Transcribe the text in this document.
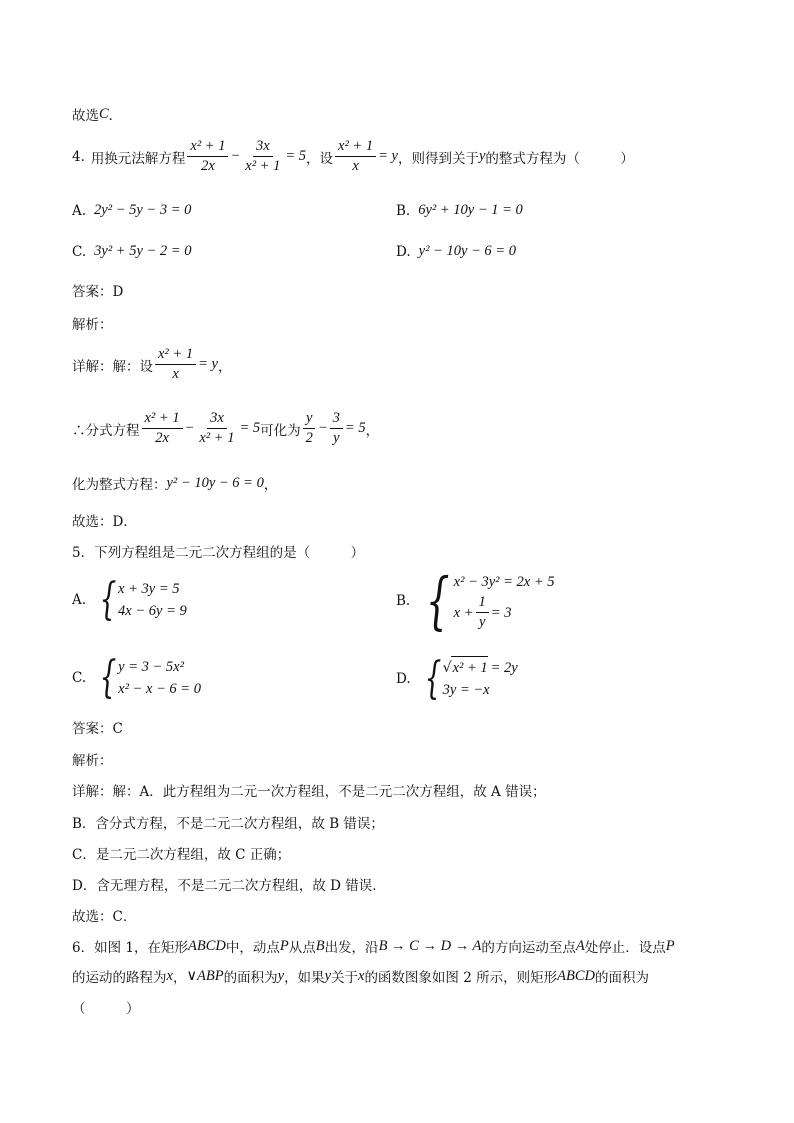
故选 C ．
4. 用换元法解方程 $\frac{\text{x² + 1}}{2x} - \frac{3x}{\text{x² + 1}} = 5$ ，设 $\frac{\text{x² + 1}}{x} = y$ ，则得到关于 y 的整式方程为（　　　）
A. 2y² − 5y − 3 = 0	B. 6y² + 10y − 1 = 0
C. 3y² + 5y − 2 = 0	D. y² − 10y − 6 = 0
答案：D
解析：
详解：解：设 $\frac{\text{x² + 1}}{x} = y$ ，
∴分式方程 $\frac{\text{x² + 1}}{2x} - \frac{3x}{\text{x² + 1}} = 5$ 可化为 $\frac{y}{2} - \frac{3}{y} = 5$ ，
化为整式方程： y² − 10y − 6 = 0 ，
故选：D．
5．下列方程组是二元二次方程组的是（　　　）
A. { x + 3y = 5
4x − 6y = 9
B. { x² − 3y² = 2x + 5
$x + \frac{1}{y} = 3$
C. { y = 3 − 5x²
x² − x − 6 = 0
D. { √ x² + 1 = 2y
3y = −x
答案：C
解析：
详解：解：A．此方程组为二元一次方程组，不是二元二次方程组，故 A 错误；
B．含分式方程，不是二元二次方程组，故 B 错误；
C．是二元二次方程组，故 C 正确；
D．含无理方程，不是二元二次方程组，故 D 错误．
故选：C．
6．如图 1，在矩形 ABCD 中，动点 P 从点 B 出发，沿 B → C → D → A 的方向运动至点 A 处停止．设点 P
的运动的路程为 x ， ∨ABP 的面积为 y ，如果 y 关于 x 的函数图象如图 2 所示，则矩形 ABCD 的面积为
（　　　）
